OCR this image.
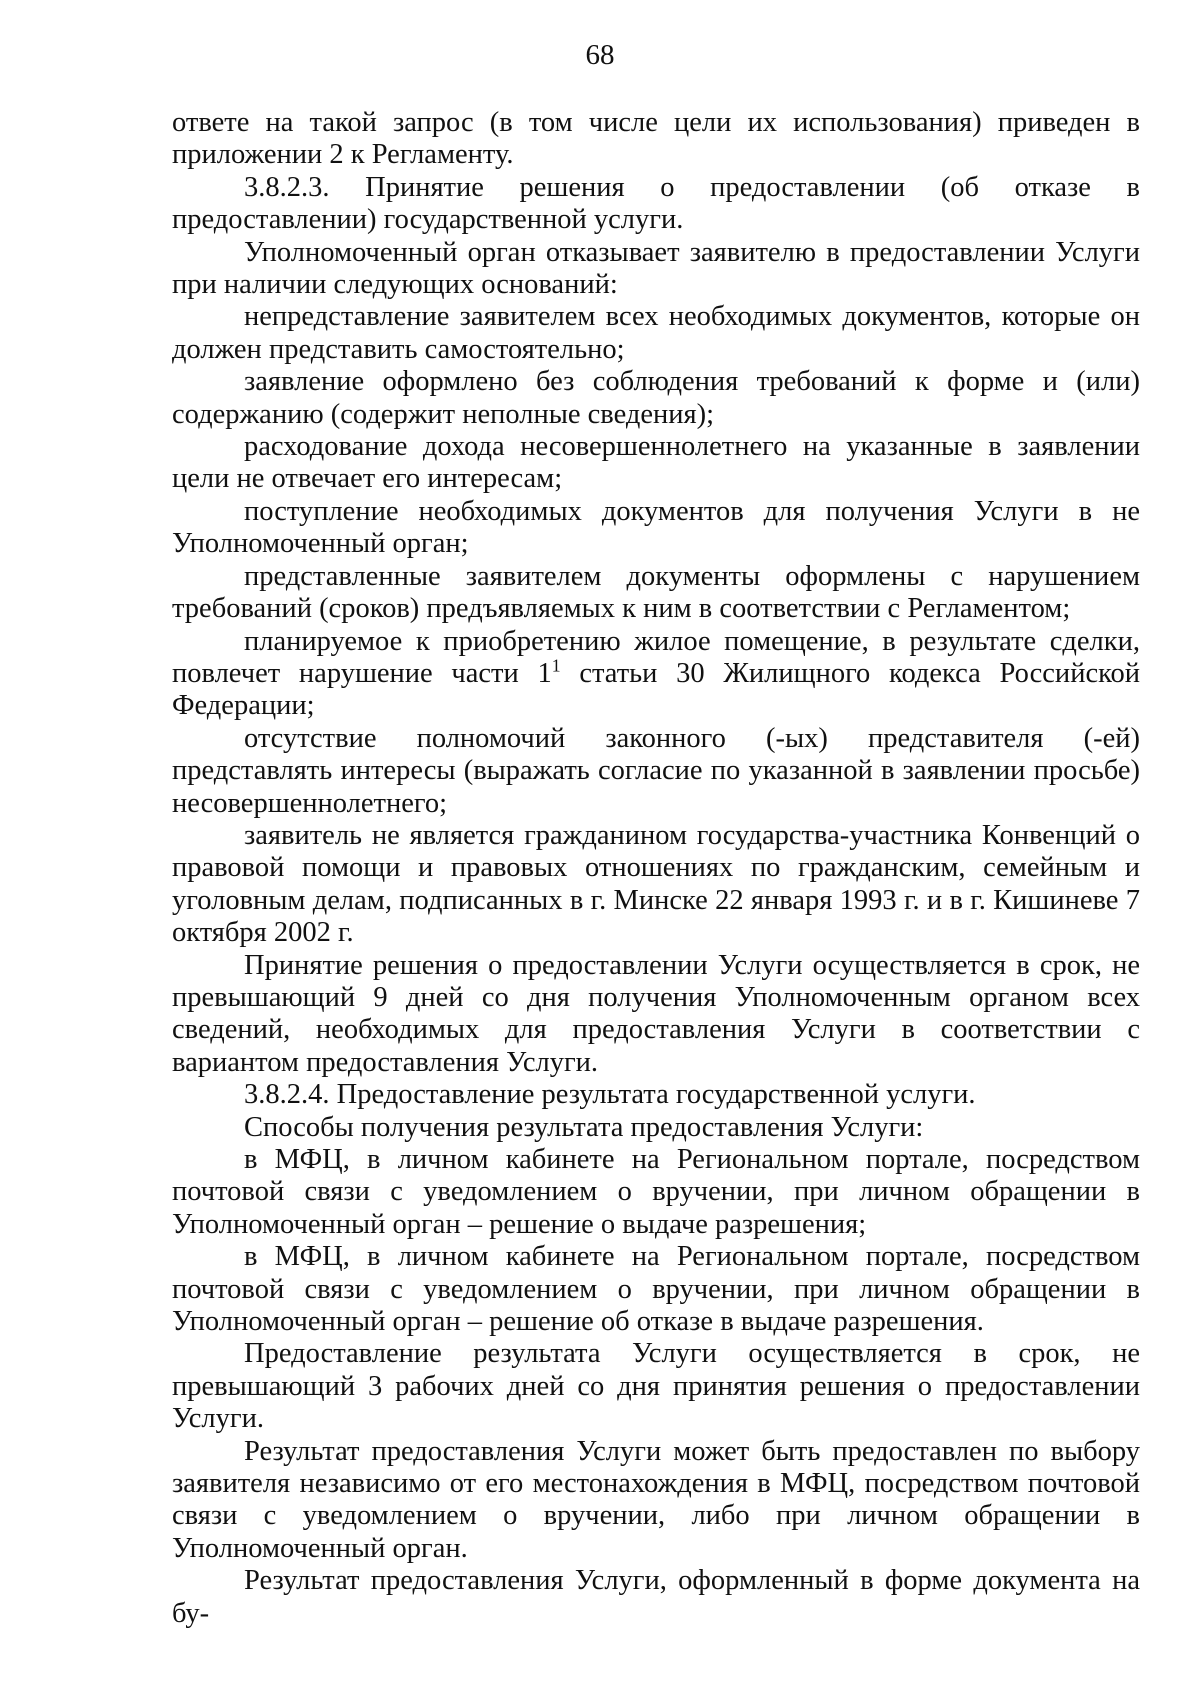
68

ответе на такой запрос (в том числе цели их использования) приведен в приложении 2 к Регламенту.

3.8.2.3. Принятие решения о предоставлении (об отказе в предоставлении) государственной услуги.

Уполномоченный орган отказывает заявителю в предоставлении Услуги при наличии следующих оснований:

непредставление заявителем всех необходимых документов, которые он должен представить самостоятельно;

заявление оформлено без соблюдения требований к форме и (или) содержанию (содержит неполные сведения);

расходование дохода несовершеннолетнего на указанные в заявлении цели не отвечает его интересам;

поступление необходимых документов для получения Услуги в не Уполномоченный орган;

представленные заявителем документы оформлены с нарушением требований (сроков) предъявляемых к ним в соответствии с Регламентом;

планируемое к приобретению жилое помещение, в результате сделки, повлечет нарушение части $1^1$ статьи 30 Жилищного кодекса Российской Федерации;

отсутствие полномочий законного (-ых) представителя (-ей) представлять интересы (выражать согласие по указанной в заявлении просьбе) несовершеннолетнего;

заявитель не является гражданином государства-участника Конвенций о правовой помощи и правовых отношениях по гражданским, семейным и уголовным делам, подписанных в г. Минске 22 января 1993 г. и в г. Кишиневе 7 октября 2002 г.

Принятие решения о предоставлении Услуги осуществляется в срок, не превышающий 9 дней со дня получения Уполномоченным органом всех сведений, необходимых для предоставления Услуги в соответствии с вариантом предоставления Услуги.

3.8.2.4. Предоставление результата государственной услуги.

Способы получения результата предоставления Услуги:

в МФЦ, в личном кабинете на Региональном портале, посредством почтовой связи с уведомлением о вручении, при личном обращении в Уполномоченный орган – решение о выдаче разрешения;

в МФЦ, в личном кабинете на Региональном портале, посредством почтовой связи с уведомлением о вручении, при личном обращении в Уполномоченный орган – решение об отказе в выдаче разрешения.

Предоставление результата Услуги осуществляется в срок, не превышающий 3 рабочих дней со дня принятия решения о предоставлении Услуги.

Результат предоставления Услуги может быть предоставлен по выбору заявителя независимо от его местонахождения в МФЦ, посредством почтовой связи с уведомлением о вручении, либо при личном обращении в Уполномоченный орган.

Результат предоставления Услуги, оформленный в форме документа на бу-
